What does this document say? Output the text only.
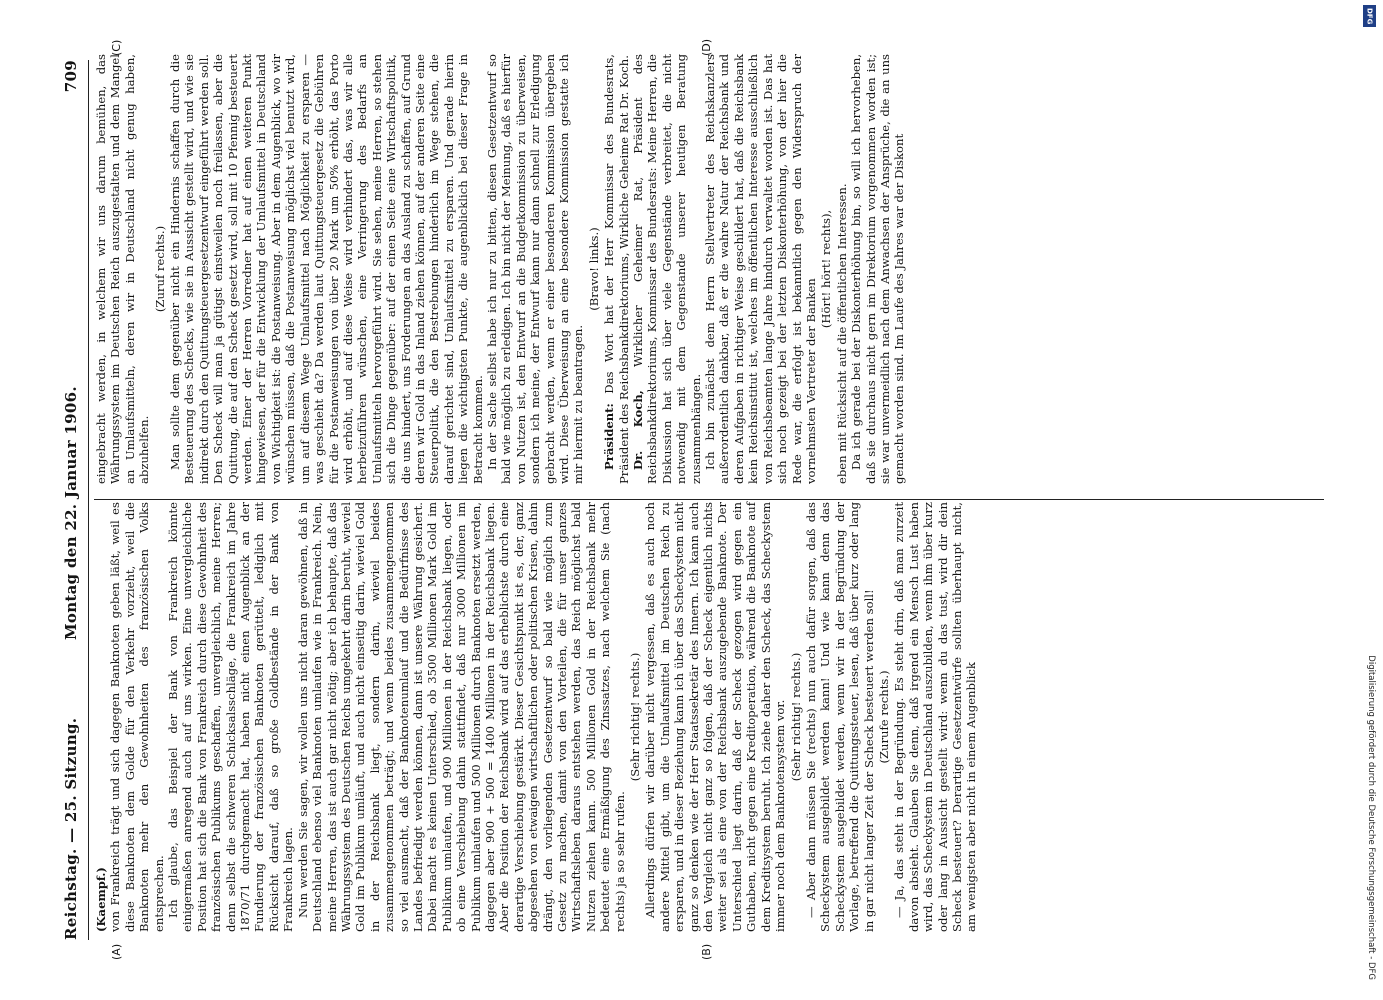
Reichstag. — 25. Sitzung.
Montag den 22. Januar 1906.
709
(A)	(B)
(C)	(D)

(Kaempf.) von Frankreich trägt und sich dagegen Banknoten geben läßt, weil es diese Banknoten dem Golde für den Verkehr vorzieht, weil die Banknoten mehr den Gewohnheiten des französischen Volks entsprechen. Ich glaube, das Beispiel der Bank von Frankreich könnte einigermaßen anregend auch auf uns wirken. Eine unvergleichliche Position hat sich die Bank von Frankreich durch diese Gewohnheit des französischen Publikums geschaffen, unvergleichlich, meine Herren; denn selbst die schweren Schicksalsschläge, die Frankreich im Jahre 1870/71 durchgemacht hat, haben nicht einen Augenblick an der Fundierung der französischen Banknoten gerüttelt, lediglich mit Rücksicht darauf, daß so große Goldbestände in der Bank von Frankreich lagen. Nun werden Sie sagen, wir wollen uns nicht daran gewöhnen, daß in Deutschland ebenso viel Banknoten umlaufen wie in Frankreich. Nein, meine Herren, das ist auch gar nicht nötig; aber ich behaupte, daß das Währungssystem des Deutschen Reichs umgekehrt darin beruht, wieviel Gold im Publikum umläuft, und auch nicht einseitig darin, wieviel Gold in der Reichsbank liegt, sondern darin, wieviel beides zusammengenommen beträgt; und wenn beides zusammengenommen so viel ausmacht, daß der Banknotenumlauf und die Bedürfnisse des Landes befriedigt werden können, dann ist unsere Währung gesichert. Dabei macht es keinen Unterschied, ob 3500 Millionen Mark Gold im Publikum umlaufen, und 900 Millionen in der Reichsbank liegen, oder ob eine Verschiebung dahin stattfindet, daß nur 3000 Millionen im Publikum umlaufen und 500 Millionen durch Banknoten ersetzt werden, dagegen aber 900 + 500 = 1400 Millionen in der Reichsbank liegen. Aber die Position der Reichsbank wird auf das erheblichste durch eine derartige Verschiebung gestärkt. Dieser Gesichtspunkt ist es, der, ganz abgesehen von etwaigen wirtschaftlichen oder politischen Krisen, dahin drängt, den vorliegenden Gesetzentwurf so bald wie möglich zum Gesetz zu machen, damit von den Vorteilen, die für unser ganzes Wirtschaftsleben daraus entstehen werden, das Reich möglichst bald Nutzen ziehen kann. 500 Millionen Gold in der Reichsbank mehr bedeutet eine Ermäßigung des Zinssatzes, nach welchem Sie (nach rechts) ja so sehr rufen.

(Sehr richtig! rechts.) Allerdings dürfen wir darüber nicht vergessen, daß es auch noch andere Mittel gibt, um die Umlaufsmittel im Deutschen Reich zu ersparen, und in dieser Beziehung kann ich über das Scheckystem nicht ganz so denken wie der Herr Staatssekretär des Innern. Ich kann auch den Vergleich nicht ganz so folgen, daß der Scheck eigentlich nichts weiter sei als eine von der Reichsbank auszugebende Banknote. Der Unterschied liegt darin, daß der Scheck gezogen wird gegen ein Guthaben, nicht gegen eine Kreditoperation, während die Banknote auf dem Kreditsystem beruht. Ich ziehe daher den Scheck, das Scheckystem immer noch dem Banknotensystem vor. (Sehr richtig! rechts.) — Aber dann müssen Sie (rechts) nun auch dafür sorgen, daß das Scheckystem ausgebildet werden kann! Und wie kann denn das Scheckystem ausgebildet werden, wenn wir in der Begründung der Vorlage, betreffend die Quittungssteuer, lesen, daß über kurz oder lang in gar nicht langer Zeit der Scheck besteuert werden soll! (Zurufe rechts.) — Ja, das steht in der Begründung. Es steht drin, daß man zurzeit davon absieht. Glauben Sie denn, daß irgend ein Mensch Lust haben wird, das Scheckystem in Deutschland auszubilden, wenn ihm über kurz oder lang in Aussicht gestellt wird: wenn du das tust, wird dir dein Scheck besteuert? Derartige Gesetzentwürfe sollten überhaupt nicht, am wenigsten aber nicht in einem Augenblick

eingebracht werden, in welchem wir uns darum bemühen, das Währungssystem im Deutschen Reich auszugestalten und dem Mangel an Umlaufsmitteln, deren wir in Deutschland nicht genug haben, abzuhelfen.

(Zuruf rechts.) Man sollte dem gegenüber nicht ein Hindernis schaffen durch die Besteuerung des Schecks, wie sie in Aussicht gestellt wird, und wie sie indirekt durch den Quittungsteuergesetzentwurf eingeführt werden soll. Den Scheck will man ja gütigst einstweilen noch freilassen, aber die Quittung, die auf den Scheck gesetzt wird, soll mit 10 Pfennig besteuert werden. Einer der Herren Vorredner hat auf einen weiteren Punkt hingewiesen, der für die Entwicklung der Umlaufsmittel in Deutschland von Wichtigkeit ist: die Postanweisung. Aber in dem Augenblick, wo wir wünschen müssen, daß die Postanweisung möglichst viel benutzt wird, um auf diesem Wege Umlaufsmittel nach Möglichkeit zu ersparen — was geschieht da? Da werden laut Quittungsteuergesetz die Gebühren für die Postanweisungen von über 20 Mark um 50% erhöht, das Porto wird erhöht, und auf diese Weise wird verhindert das, was wir alle herbeizuführen wünschen, eine Verringerung des Bedarfs an Umlaufsmitteln hervorgeführt wird. Sie sehen, meine Herren, so stehen sich die Dinge gegenüber: auf der einen Seite eine Wirtschaftspolitik, die uns hindert, uns Forderungen an das Ausland zu schaffen, auf Grund deren wir Gold in das Inland ziehen können, auf der anderen Seite eine Steuerpolitik, die den Bestrebungen hinderlich im Wege stehen, die darauf gerichtet sind, Umlaufsmittel zu ersparen. Und gerade hierin liegen die wichtigsten Punkte, die augenblicklich bei dieser Frage in Betracht kommen. In der Sache selbst habe ich nur zu bitten, diesen Gesetzentwurf so bald wie möglich zu erledigen. Ich bin nicht der Meinung, daß es hierfür von Nutzen ist, den Entwurf an die Budgetkommission zu überweisen, sondern ich meine, der Entwurf kann nur dann schnell zur Erledigung gebracht werden, wenn er einer besonderen Kommission übergeben wird. Diese Überweisung an eine besondere Kommission gestatte ich mir hiermit zu beantragen.

(Bravo! links.)

Präsident: Das Wort hat der Herr Kommissar des Bundesrats, Präsident des Reichsbankdirektoriums, Wirkliche Geheime Rat Dr. Koch. Dr. Koch, Wirklicher Geheimer Rat, Präsident des Reichsbankdirektoriums, Kommissar des Bundesrats: Meine Herren, die Diskussion hat sich über viele Gegenstände verbreitet, die nicht notwendig mit dem Gegenstande unserer heutigen Beratung zusammenhängen. Ich bin zunächst dem Herrn Stellvertreter des Reichskanzlers außerordentlich dankbar, daß er die wahre Natur der Reichsbank und deren Aufgaben in richtiger Weise geschildert hat, daß die Reichsbank kein Reichsinstitut ist, welches im öffentlichen Interesse ausschließlich von Reichsbeamten lange Jahre hindurch verwaltet worden ist. Das hat sich noch gezeigt bei der letzten Diskonterhöhung, von der hier die Rede war, die erfolgt ist bekanntlich gegen den Widerspruch der vornehmsten Vertreter der Banken

(Hört! hört! rechts), eben mit Rücksicht auf die öffentlichen Interessen. Da ich gerade bei der Diskonterhöhung bin, so will ich hervorheben, daß sie durchaus nicht gern im Direktorium vorgenommen worden ist; sie war unvermeidlich nach dem Anwachsen der Ansprüche, die an uns gemacht worden sind. Im Laufe des Jahres war der Diskont

DFG
Digitalisierung gefördert durch die Deutsche Forschungsgemeinschaft - DFG
